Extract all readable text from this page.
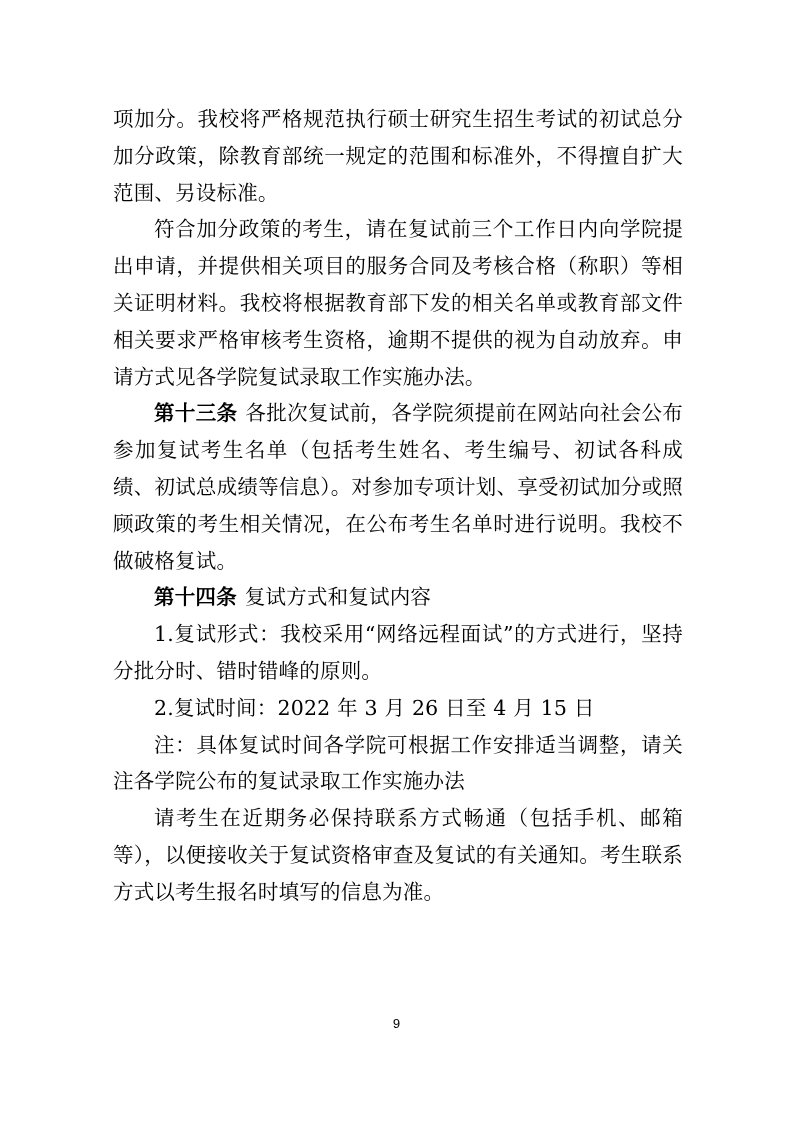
项加分。我校将严格规范执行硕士研究生招生考试的初试总分加分政策，除教育部统一规定的范围和标准外，不得擅自扩大范围、另设标准。

符合加分政策的考生，请在复试前三个工作日内向学院提出申请，并提供相关项目的服务合同及考核合格（称职）等相关证明材料。我校将根据教育部下发的相关名单或教育部文件相关要求严格审核考生资格，逾期不提供的视为自动放弃。申请方式见各学院复试录取工作实施办法。

第十三条 各批次复试前，各学院须提前在网站向社会公布参加复试考生名单（包括考生姓名、考生编号、初试各科成绩、初试总成绩等信息）。对参加专项计划、享受初试加分或照顾政策的考生相关情况，在公布考生名单时进行说明。我校不做破格复试。

第十四条 复试方式和复试内容

1.复试形式：我校采用“网络远程面试”的方式进行，坚持分批分时、错时错峰的原则。

2.复试时间：2022 年 3 月 26 日至 4 月 15 日

注：具体复试时间各学院可根据工作安排适当调整，请关注各学院公布的复试录取工作实施办法

请考生在近期务必保持联系方式畅通（包括手机、邮箱等），以便接收关于复试资格审查及复试的有关通知。考生联系方式以考生报名时填写的信息为准。

9
